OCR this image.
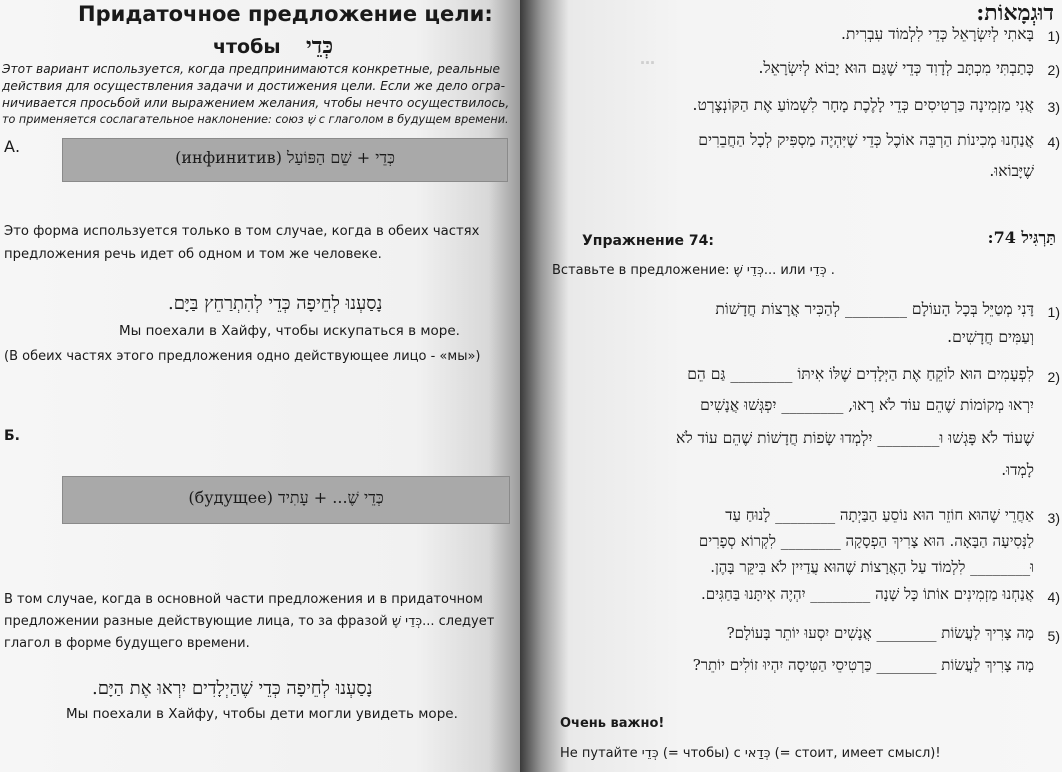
Придаточное предложение цели:
чтобы כְּדֵי
Этот вариант используется, когда предпринимаются конкретные, реальные
действия для осуществления задачи и достижения цели. Если же дело огра-
ничивается просьбой или выражением желания, чтобы нечто осуществилось,
то применяется сослагательное наклонение: союз שֶׁ с глаголом в будущем времени.
А.
כְּדֵי + שֵׁם הַפּוֹעַל (инфинитив)
Это форма используется только в том случае, когда в обеих частях
предложения речь идет об одном и том же человеке.
נָסַעְנוּ לְחֵיפָה כְּדֵי לְהִתְרַחֵץ בַּיָּם.
Мы поехали в Хайфу, чтобы искупаться в море.
(В обеих частях этого предложения одно действующее лицо - «мы»)
Б.
כְּדֵי שֶׁ... + עָתִיד (будущее)
В том случае, когда в основной части предложения и в придаточном
предложении разные действующие лица, то за фразой כְּדֵי שֶׁ... следует
глагол в форме будущего времени.
נָסַעְנוּ לְחֵיפָה כְּדֵי שֶׁהַיְלָדִים יִרְאוּ אֶת הַיָּם.
Мы поехали в Хайфу, чтобы дети могли увидеть море.
…
דוּגְמָאוֹת:
1)
בָּאתִי לְיִשְׂרָאֵל כְּדֵי לִלְמוֹד עִבְרִית.
2)
כָּתַבְתִּי מִכְתָּב לְדָוִד כְּדֵי שֶׁגַּם הוּא יָבוֹא לְיִשְׂרָאֵל.
3)
אֲנִי מַזְמִינָה כַּרְטִיסִים כְּדֵי לָלֶכֶת מָחָר לִשְׁמוֹעַ אֶת הַקּוֹנְצֶרְט.
4)
אֲנַחְנוּ מְכִינוֹת הַרְבֵּה אוֹכֶל כְּדֵי שֶׁיִּהְיֶה מַסְפִּיק לְכָל הַחֲבֵרִים
שֶׁיָּבוֹאוּ.
תַּרְגִּיל 74:
Упражнение 74:
Вставьте в предложение: כְּדֵי שֶׁ... или כְּדֵי .
1)
דָּנִי מְטַיֵּל בְּכָל הָעוֹלָם ________ לְהַכִּיר אֲרָצוֹת חֲדָשׁוֹת
וְעַמִּים חֲדָשִׁים.
2)
לִפְעָמִים הוּא לוֹקֵחַ אֶת הַיְּלָדִים שֶׁלּוֹ אִיתּוֹ ________ גַּם הֵם
יִרְאוּ מְקוֹמוֹת שֶׁהֵם עוֹד לֹא רָאוּ, ________ יִפְגְּשׁוּ אֲנָשִׁים
שֶׁעוֹד לֹא פָּגְשׁוּ וּ________ יִלְמְדוּ שָׂפוֹת חֲדָשׁוֹת שֶׁהֵם עוֹד לֹא
לָמְדוּ.
3)
אַחֲרֵי שֶׁהוּא חוֹזֵר הוּא נוֹסֵעַ הַבַּיְתָה ________ לָנוּחַ עַד
לַנְּסִיעָה הַבָּאָה. הוּא צָרִיךְ הַפְסָקָה ________ לִקְרוֹא סְפָרִים
וּ________ לִלְמוֹד עַל הָאֲרָצוֹת שֶׁהוּא עֲדַיִין לֹא בִּיקֵּר בָּהֶן.
4)
אֲנַחְנוּ מַזְמִינִים אוֹתוֹ כָּל שָׁנָה ________ יִהְיֶה אִיתָּנוּ בַּחַגִּים.
5)
מָה צָרִיךְ לַעֲשׂוֹת ________ אֲנָשִׁים יִסְעוּ יוֹתֵר בָּעוֹלָם?
מָה צָרִיךְ לַעֲשׂוֹת ________ כַּרְטִיסֵי הַטִּיסָה יִהְיוּ זוֹלִים יוֹתֵר?
Очень важно!
Не путайте כְּדֵי (= чтобы) с כְּדַאי (= стоит, имеет смысл)!
